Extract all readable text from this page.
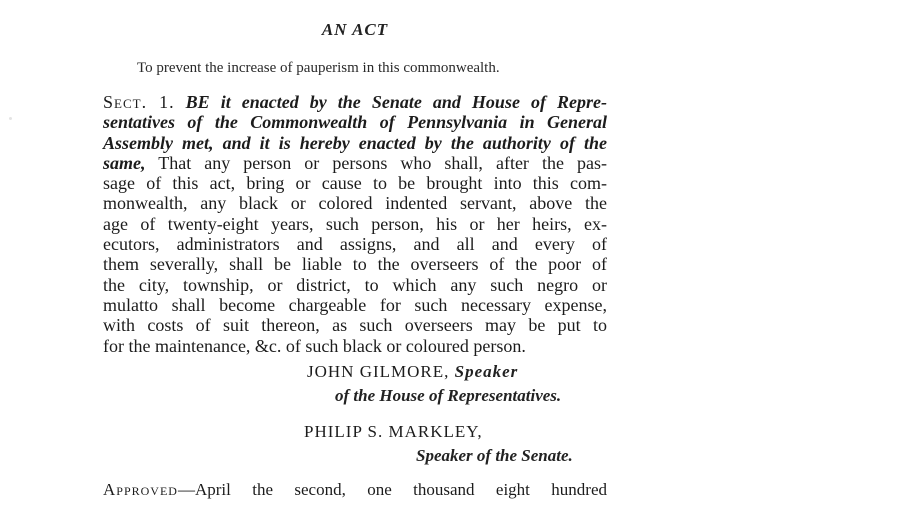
AN ACT
To prevent the increase of pauperism in this commonwealth.
Sect. 1. BE it enacted by the Senate and House of Repre-
sentatives of the Commonwealth of Pennsylvania in General
Assembly met, and it is hereby enacted by the authority of the
same, That any person or persons who shall, after the pas-
sage of this act, bring or cause to be brought into this com-
monwealth, any black or colored indented servant, above the
age of twenty-eight years, such person, his or her heirs, ex-
ecutors, administrators and assigns, and all and every of
them severally, shall be liable to the overseers of the poor of
the city, township, or district, to which any such negro or
mulatto shall become chargeable for such necessary expense,
with costs of suit thereon, as such overseers may be put to
for the maintenance, &c. of such black or coloured person.
JOHN GILMORE, Speaker
of the House of Representatives.
PHILIP S. MARKLEY,
Speaker of the Senate.
Approved—April the second, one thousand eight hundred
